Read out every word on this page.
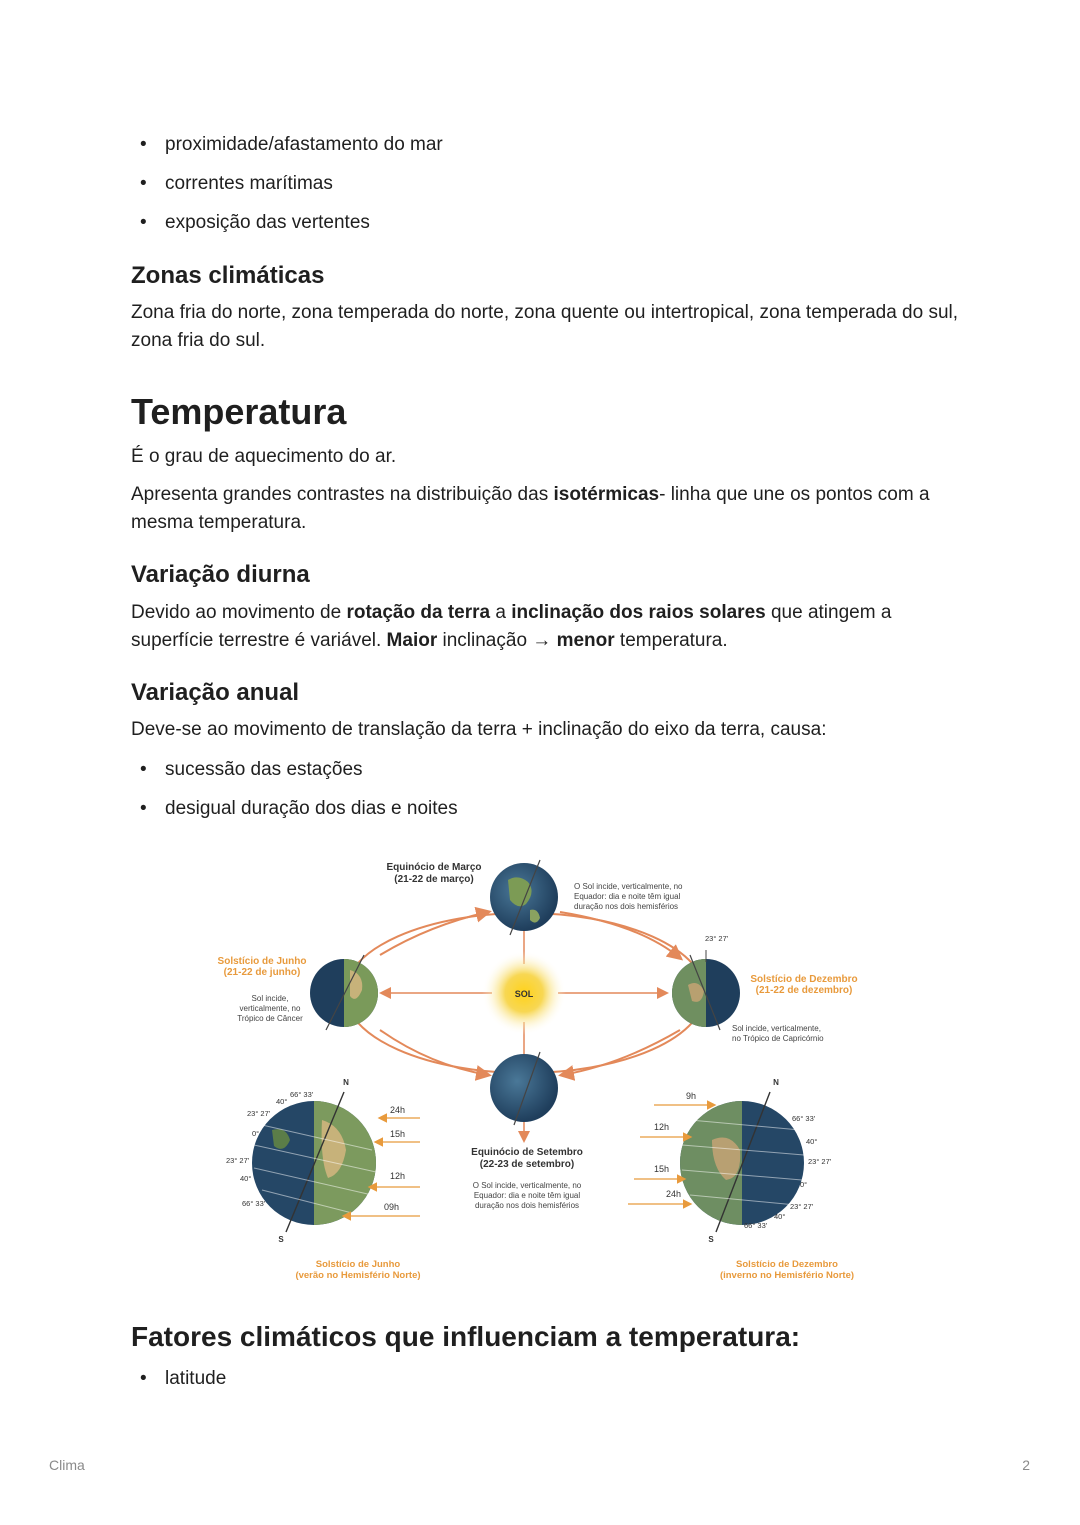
• proximidade/afastamento do mar
• correntes marítimas
• exposição das vertentes
Zonas climáticas

Zona fria do norte, zona temperada do norte, zona quente ou intertropical, zona temperada do sul, zona fria do sul.

Temperatura

É o grau de aquecimento do ar.

Apresenta grandes contrastes na distribuição das isotérmicas- linha que une os pontos com a mesma temperatura.

Variação diurna

Devido ao movimento de rotação da terra a inclinação dos raios solares que atingem a superfície terrestre é variável. Maior inclinação → menor temperatura.

Variação anual

Deve-se ao movimento de translação da terra + inclinação do eixo da terra, causa:

• sucessão das estações
• desigual duração dos dias e noites
Fatores climáticos que influenciam a temperatura:
• latitude
SOL
Equinócio de Março
(21-22 de março)
O Sol incide, verticalmente, no
Equador: dia e noite têm igual
duração nos dois hemisférios
Solstício de Junho
(21-22 de junho)
Sol incide,
verticalmente, no
Trópico de Câncer
23° 27'
Solstício de Dezembro
(21-22 de dezembro)
Sol incide, verticalmente,
no Trópico de Capricórnio
Equinócio de Setembro
(22-23 de setembro)
O Sol incide, verticalmente, no
Equador: dia e noite têm igual
duração nos dois hemisférios
N
S
66° 33'
40°
23° 27'
0°
23° 27'
40°
66° 33'
24h
15h
12h
09h
Solstício de Junho
(verão no Hemisfério Norte)
N
S
9h
12h
15h
24h
66° 33'
40°
23° 27'
0°
23° 27'
40°
66° 33'
Solstício de Dezembro
(inverno no Hemisfério Norte)
Clima	2
